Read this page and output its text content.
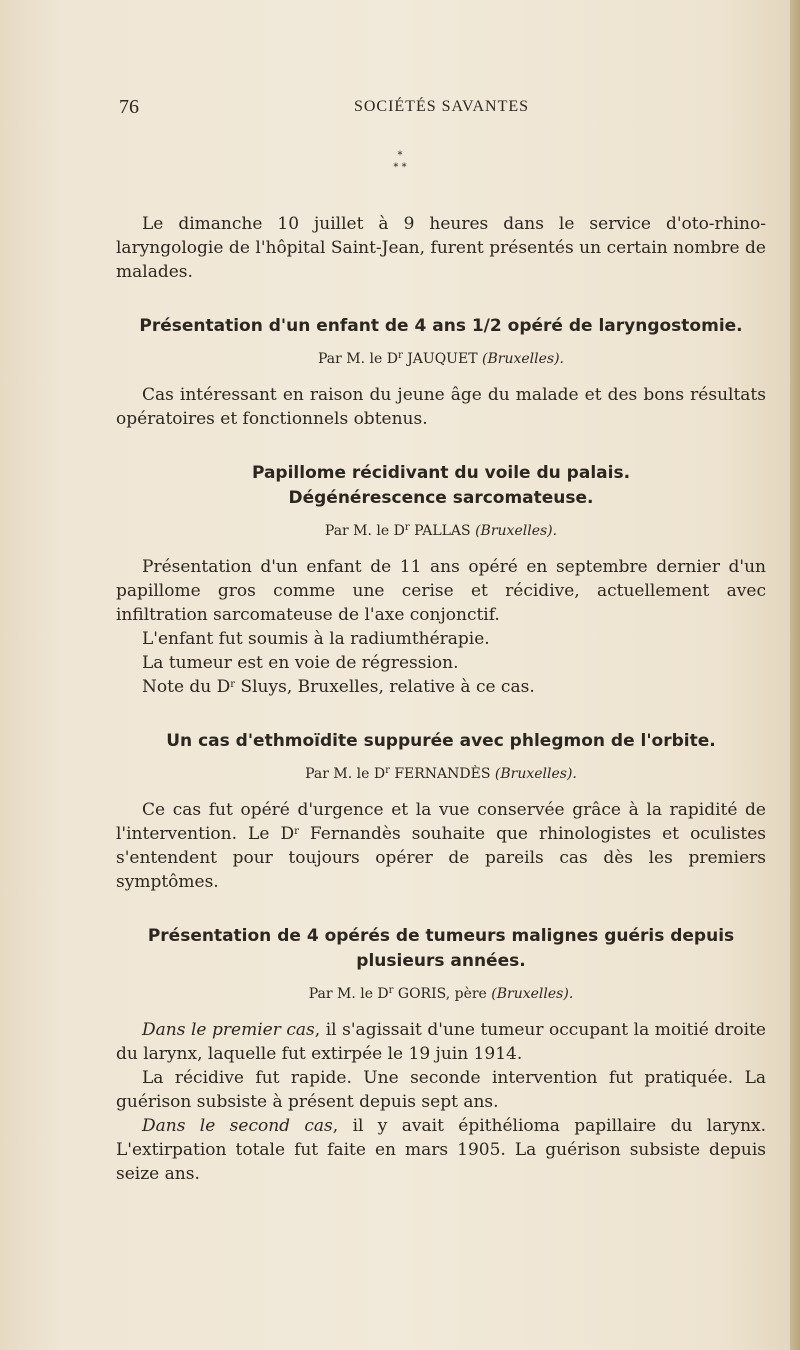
76	SOCIÉTÉS SAVANTES
*
* *

Le dimanche 10 juillet à 9 heures dans le service d'oto-rhino-laryngologie de l'hôpital Saint-Jean, furent présentés un certain nombre de malades.

Présentation d'un enfant de 4 ans 1/2 opéré de laryngostomie.
Par M. le $D^r$ JAUQUET (Bruxelles).

Cas intéressant en raison du jeune âge du malade et des bons résultats opératoires et fonctionnels obtenus.

Papillome récidivant du voile du palais.
Dégénérescence sarcomateuse.
Par M. le $D^r$ PALLAS (Bruxelles).

Présentation d'un enfant de 11 ans opéré en septembre dernier d'un papillome gros comme une cerise et récidive, actuellement avec infiltration sarcomateuse de l'axe conjonctif.

L'enfant fut soumis à la radiumthérapie.

La tumeur est en voie de régression.

Note du $D^r$ Sluys, Bruxelles, relative à ce cas.

Un cas d'ethmoïdite suppurée avec phlegmon de l'orbite.
Par M. le $D^r$ FERNANDÈS (Bruxelles).

Ce cas fut opéré d'urgence et la vue conservée grâce à la rapidité de l'intervention. Le $D^r$ Fernandès souhaite que rhinologistes et oculistes s'entendent pour toujours opérer de pareils cas dès les premiers symptômes.

Présentation de 4 opérés de tumeurs malignes guéris depuis
plusieurs années.
Par M. le $D^r$ GORIS, père (Bruxelles).

Dans le premier cas, il s'agissait d'une tumeur occupant la moitié droite du larynx, laquelle fut extirpée le 19 juin 1914.

La récidive fut rapide. Une seconde intervention fut pratiquée. La guérison subsiste à présent depuis sept ans.

Dans le second cas, il y avait épithélioma papillaire du larynx. L'extirpation totale fut faite en mars 1905. La guérison subsiste depuis seize ans.
